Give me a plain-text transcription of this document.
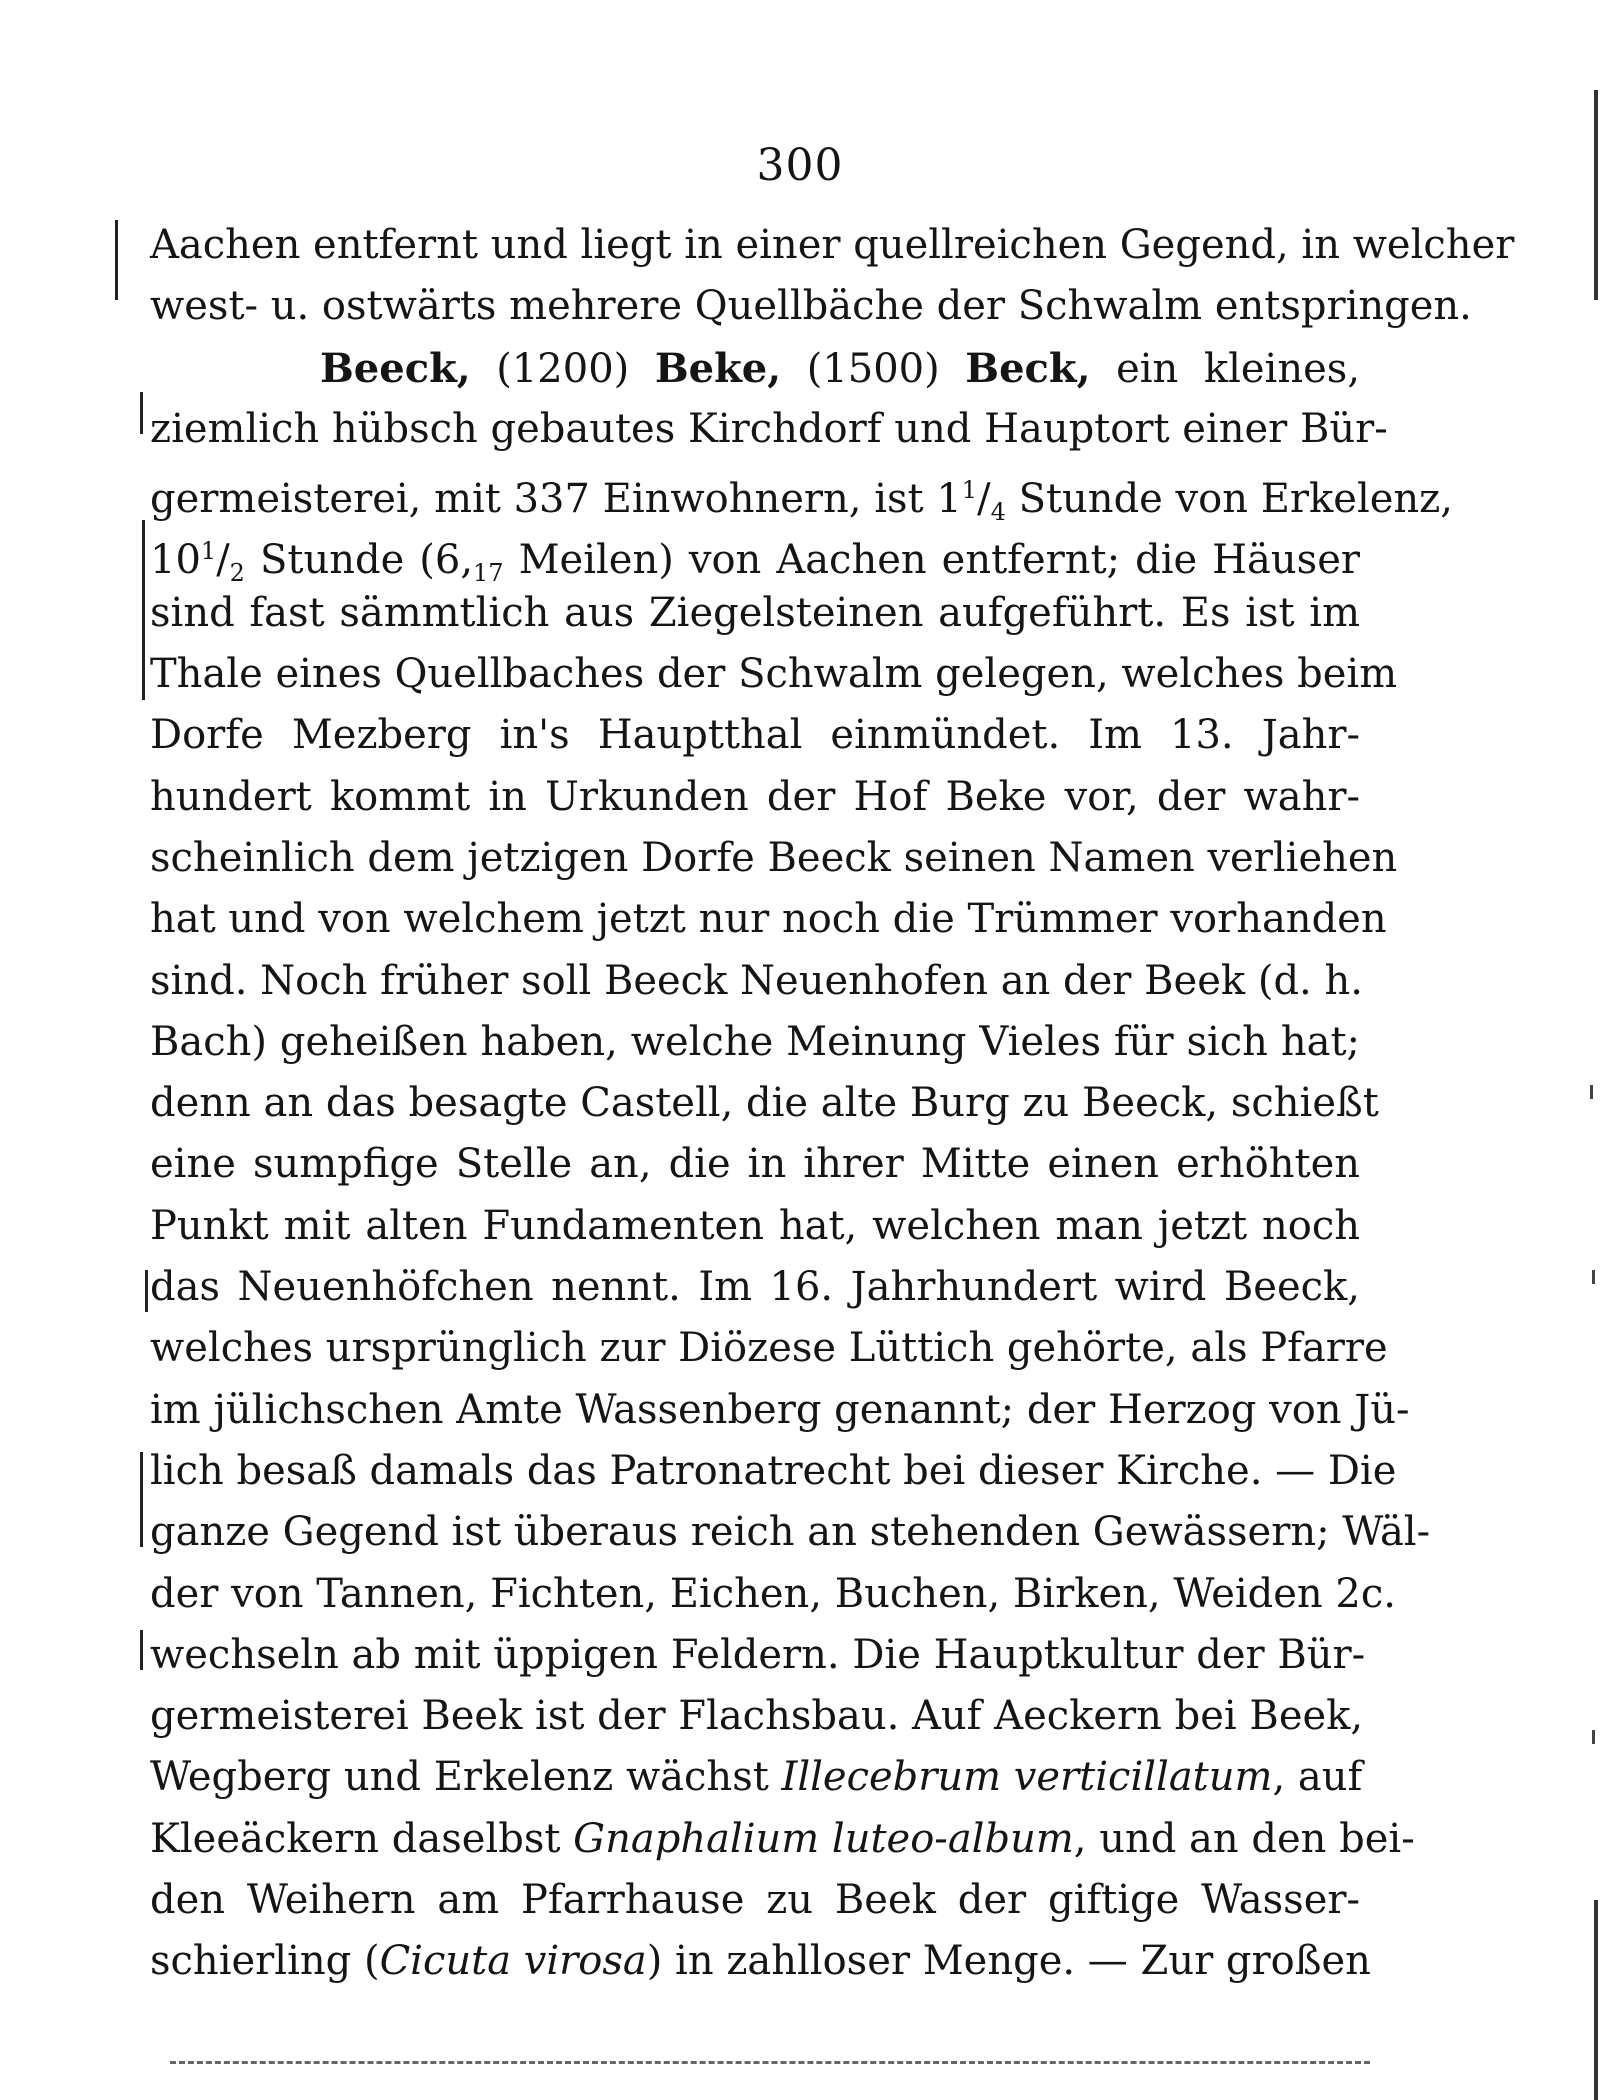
300
Aachen entfernt und liegt in einer quellreichen Gegend, in welcher
west- u. ostwärts mehrere Quellbäche der Schwalm entspringen.
Beeck, (1200) Beke, (1500) Beck, ein kleines,
ziemlich hübsch gebautes Kirchdorf und Hauptort einer Bür-
germeisterei, mit 337 Einwohnern, ist $1^1/_4$ Stunde von Erkelenz,
$10^1/_2$ Stunde ($6,_{17}$ Meilen) von Aachen entfernt; die Häuser
sind fast sämmtlich aus Ziegelsteinen aufgeführt. Es ist im
Thale eines Quellbaches der Schwalm gelegen, welches beim
Dorfe Mezberg in's Hauptthal einmündet. Im 13. Jahr-
hundert kommt in Urkunden der Hof Beke vor, der wahr-
scheinlich dem jetzigen Dorfe Beeck seinen Namen verliehen
hat und von welchem jetzt nur noch die Trümmer vorhanden
sind. Noch früher soll Beeck Neuenhofen an der Beek (d. h.
Bach) geheißen haben, welche Meinung Vieles für sich hat;
denn an das besagte Castell, die alte Burg zu Beeck, schießt
eine sumpfige Stelle an, die in ihrer Mitte einen erhöhten
Punkt mit alten Fundamenten hat, welchen man jetzt noch
das Neuenhöfchen nennt. Im 16. Jahrhundert wird Beeck,
welches ursprünglich zur Diözese Lüttich gehörte, als Pfarre
im jülichschen Amte Wassenberg genannt; der Herzog von Jü-
lich besaß damals das Patronatrecht bei dieser Kirche. — Die
ganze Gegend ist überaus reich an stehenden Gewässern; Wäl-
der von Tannen, Fichten, Eichen, Buchen, Birken, Weiden 2c.
wechseln ab mit üppigen Feldern. Die Hauptkultur der Bür-
germeisterei Beek ist der Flachsbau. Auf Aeckern bei Beek,
Wegberg und Erkelenz wächst Illecebrum verticillatum, auf
Kleeäckern daselbst Gnaphalium luteo-album, und an den bei-
den Weihern am Pfarrhause zu Beek der giftige Wasser-
schierling (Cicuta virosa) in zahlloser Menge. — Zur großen
